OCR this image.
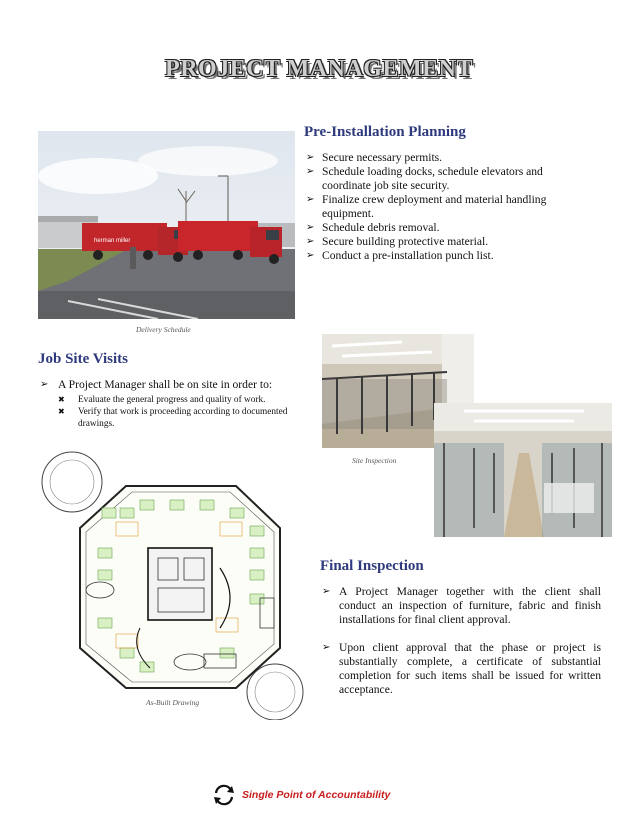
PROJECT MANAGEMENT
herman miller
Delivery Schedule
Pre-Installation Planning
➢ Secure necessary permits.
➢ Schedule loading docks, schedule elevators and coordinate job site security.
➢ Finalize crew deployment and material handling equipment.
➢ Schedule debris removal.
➢ Secure building protective material.
➢ Conduct a pre-installation punch list.
Job Site Visits
➢ A Project Manager shall be on site in order to:
✖ Evaluate the general progress and quality of work.
✖ Verify that work is proceeding according to documented drawings.
Site Inspection
As-Built Drawing
Final Inspection
➢ A Project Manager together with the client shall conduct an inspection of furniture, fabric and finish installations for final client approval.
➢ Upon client approval that the phase or project is substantially complete, a certificate of substantial completion for such items shall be issued for written acceptance.
Single Point of Accountability
